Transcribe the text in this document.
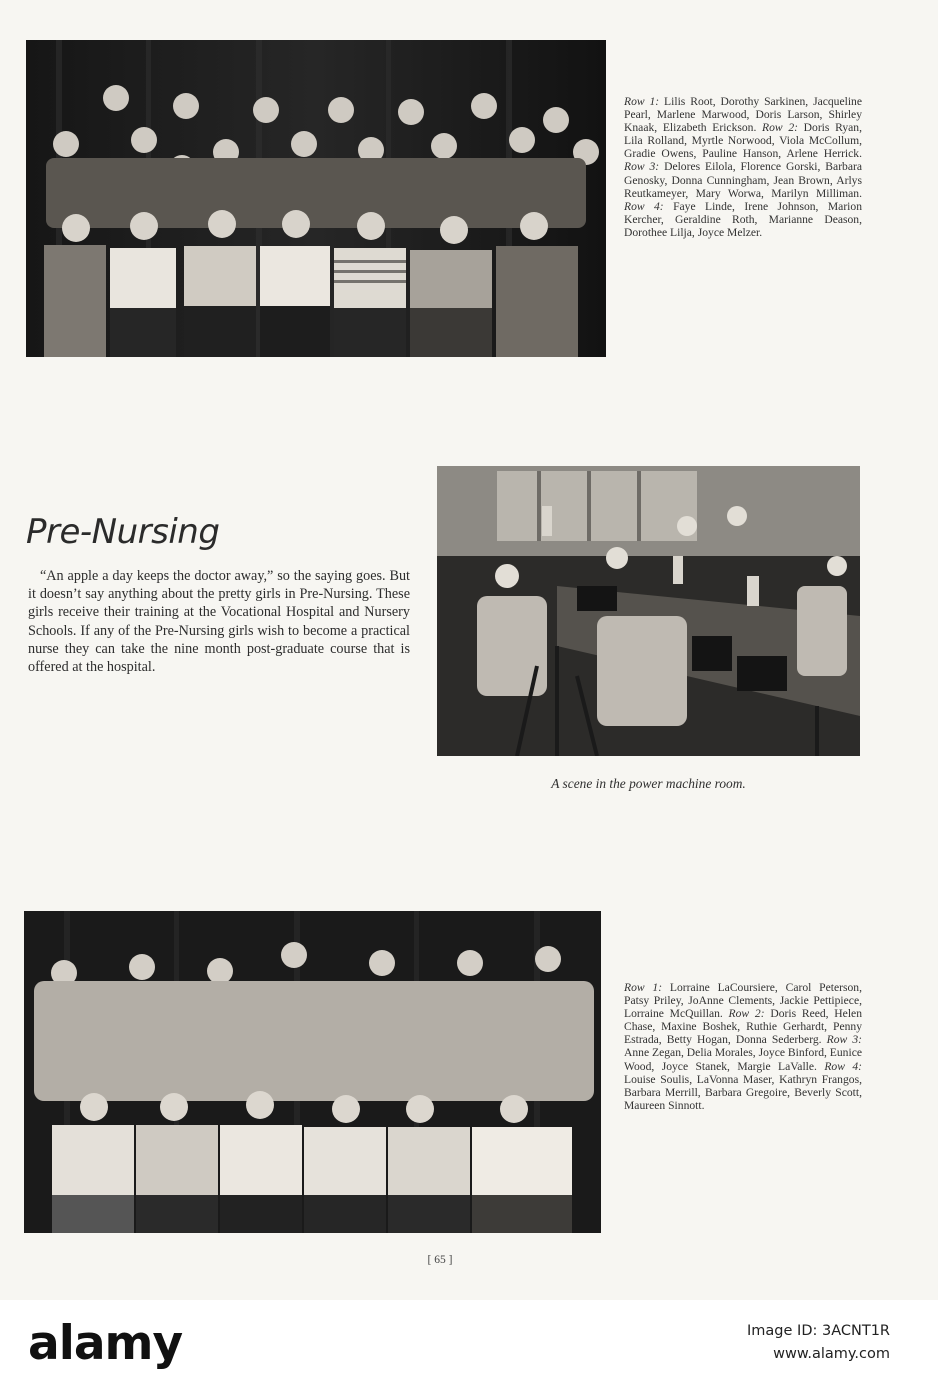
Row 1: Lilis Root, Dorothy Sarkinen, Jacqueline Pearl, Marlene Marwood, Doris Larson, Shirley Knaak, Elizabeth Erickson. Row 2: Doris Ryan, Lila Rolland, Myrtle Norwood, Viola McCollum, Gradie Owens, Pauline Hanson, Arlene Herrick. Row 3: Delores Eilola, Florence Gorski, Barbara Genosky, Donna Cunningham, Jean Brown, Arlys Reutkameyer, Mary Worwa, Marilyn Milliman. Row 4: Faye Linde, Irene Johnson, Marion Kercher, Geraldine Roth, Marianne Deason, Dorothee Lilja, Joyce Melzer.
Pre-Nursing

“An apple a day keeps the doctor away,” so the saying goes. But it doesn’t say anything about the pretty girls in Pre-Nursing. These girls receive their training at the Vocational Hospital and Nursery Schools. If any of the Pre-Nursing girls wish to become a practical nurse they can take the nine month post-graduate course that is offered at the hospital.

A scene in the power machine room.
Row 1: Lorraine LaCoursiere, Carol Peterson, Patsy Priley, JoAnne Clements, Jackie Pettipiece, Lorraine McQuillan. Row 2: Doris Reed, Helen Chase, Maxine Boshek, Ruthie Gerhardt, Penny Estrada, Betty Hogan, Donna Sederberg. Row 3: Anne Zegan, Delia Morales, Joyce Binford, Eunice Wood, Joyce Stanek, Margie LaValle. Row 4: Louise Soulis, LaVonna Maser, Kathryn Frangos, Barbara Merrill, Barbara Gregoire, Beverly Scott, Maureen Sinnott.
[ 65 ]
alamy	Image ID: 3ACNT1R
www.alamy.com
